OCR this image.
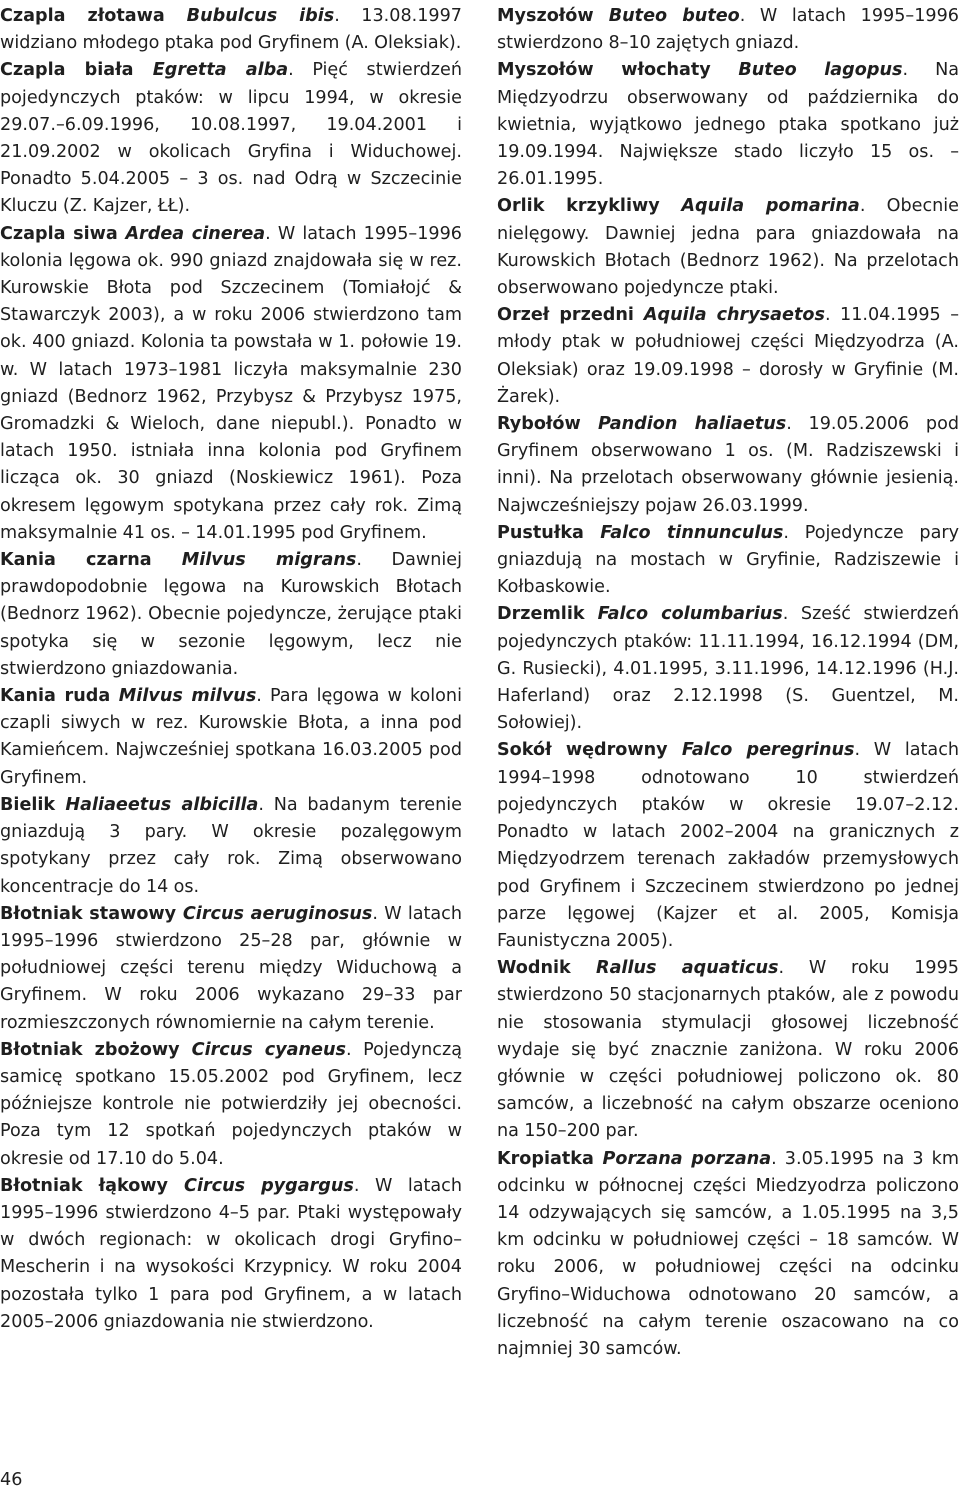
Czapla złotawa Bubulcus ibis. 13.08.1997 widziano młodego ptaka pod Gryfinem (A. Oleksiak).

Czapla biała Egretta alba. Pięć stwierdzeń pojedynczych ptaków: w lipcu 1994, w okresie 29.07.–6.09.1996, 10.08.1997, 19.04.2001 i 21.09.2002 w okolicach Gryfina i Widuchowej. Ponadto 5.04.2005 – 3 os. nad Odrą w Szczecinie Kluczu (Z. Kajzer, ŁŁ).

Czapla siwa Ardea cinerea. W latach 1995–1996 kolonia lęgowa ok. 990 gniazd znajdowała się w rez. Kurowskie Błota pod Szczecinem (Tomiałojć & Stawarczyk 2003), a w roku 2006 stwierdzono tam ok. 400 gniazd. Kolonia ta powstała w 1. połowie 19. w. W latach 1973–1981 liczyła maksymalnie 230 gniazd (Bednorz 1962, Przybysz & Przybysz 1975, Gromadzki & Wieloch, dane niepubl.). Ponadto w latach 1950. istniała inna kolonia pod Gryfinem licząca ok. 30 gniazd (Noskiewicz 1961). Poza okresem lęgowym spotykana przez cały rok. Zimą maksymalnie 41 os. – 14.01.1995 pod Gryfinem.

Kania czarna Milvus migrans. Dawniej prawdopodobnie lęgowa na Kurowskich Błotach (Bednorz 1962). Obecnie pojedyncze, żerujące ptaki spotyka się w sezonie lęgowym, lecz nie stwierdzono gniazdowania.

Kania ruda Milvus milvus. Para lęgowa w koloni czapli siwych w rez. Kurowskie Błota, a inna pod Kamieńcem. Najwcześniej spotkana 16.03.2005 pod Gryfinem.

Bielik Haliaeetus albicilla. Na badanym terenie gniazdują 3 pary. W okresie pozalęgowym spotykany przez cały rok. Zimą obserwowano koncentracje do 14 os.

Błotniak stawowy Circus aeruginosus. W latach 1995–1996 stwierdzono 25–28 par, głównie w południowej części terenu między Widuchową a Gryfinem. W roku 2006 wykazano 29–33 par rozmieszczonych równomiernie na całym terenie.

Błotniak zbożowy Circus cyaneus. Pojedynczą samicę spotkano 15.05.2002 pod Gryfinem, lecz późniejsze kontrole nie potwierdziły jej obecności. Poza tym 12 spotkań pojedynczych ptaków w okresie od 17.10 do 5.04.

Błotniak łąkowy Circus pygargus. W latach 1995–1996 stwierdzono 4–5 par. Ptaki występowały w dwóch regionach: w okolicach drogi Gryfino–Mescherin i na wysokości Krzypnicy. W roku 2004 pozostała tylko 1 para pod Gryfinem, a w latach 2005–2006 gniazdowania nie stwierdzono.

Myszołów Buteo buteo. W latach 1995–1996 stwierdzono 8–10 zajętych gniazd.

Myszołów włochaty Buteo lagopus. Na Międzyodrzu obserwowany od października do kwietnia, wyjątkowo jednego ptaka spotkano już 19.09.1994. Największe stado liczyło 15 os. – 26.01.1995.

Orlik krzykliwy Aquila pomarina. Obecnie nielęgowy. Dawniej jedna para gniazdowała na Kurowskich Błotach (Bednorz 1962). Na przelotach obserwowano pojedyncze ptaki.

Orzeł przedni Aquila chrysaetos. 11.04.1995 – młody ptak w południowej części Międzyodrza (A. Oleksiak) oraz 19.09.1998 – dorosły w Gryfinie (M. Żarek).

Rybołów Pandion haliaetus. 19.05.2006 pod Gryfinem obserwowano 1 os. (M. Radziszewski i inni). Na przelotach obserwowany głównie jesienią. Najwcześniejszy pojaw 26.03.1999.

Pustułka Falco tinnunculus. Pojedyncze pary gniazdują na mostach w Gryfinie, Radziszewie i Kołbaskowie.

Drzemlik Falco columbarius. Sześć stwierdzeń pojedynczych ptaków: 11.11.1994, 16.12.1994 (DM, G. Rusiecki), 4.01.1995, 3.11.1996, 14.12.1996 (H.J. Haferland) oraz 2.12.1998 (S. Guentzel, M. Sołowiej).

Sokół wędrowny Falco peregrinus. W latach 1994–1998 odnotowano 10 stwierdzeń pojedynczych ptaków w okresie 19.07–2.12. Ponadto w latach 2002–2004 na granicznych z Międzyodrzem terenach zakładów przemysłowych pod Gryfinem i Szczecinem stwierdzono po jednej parze lęgowej (Kajzer et al. 2005, Komisja Faunistyczna 2005).

Wodnik Rallus aquaticus. W roku 1995 stwierdzono 50 stacjonarnych ptaków, ale z powodu nie stosowania stymulacji głosowej liczebność wydaje się być znacznie zaniżona. W roku 2006 głównie w części południowej policzono ok. 80 samców, a liczebność na całym obszarze oceniono na 150–200 par.

Kropiatka Porzana porzana. 3.05.1995 na 3 km odcinku w północnej części Miedzyodrza policzono 14 odzywających się samców, a 1.05.1995 na 3,5 km odcinku w południowej części – 18 samców. W roku 2006, w południowej części na odcinku Gryfino–Widuchowa odnotowano 20 samców, a liczebność na całym terenie oszacowano na co najmniej 30 samców.

46
